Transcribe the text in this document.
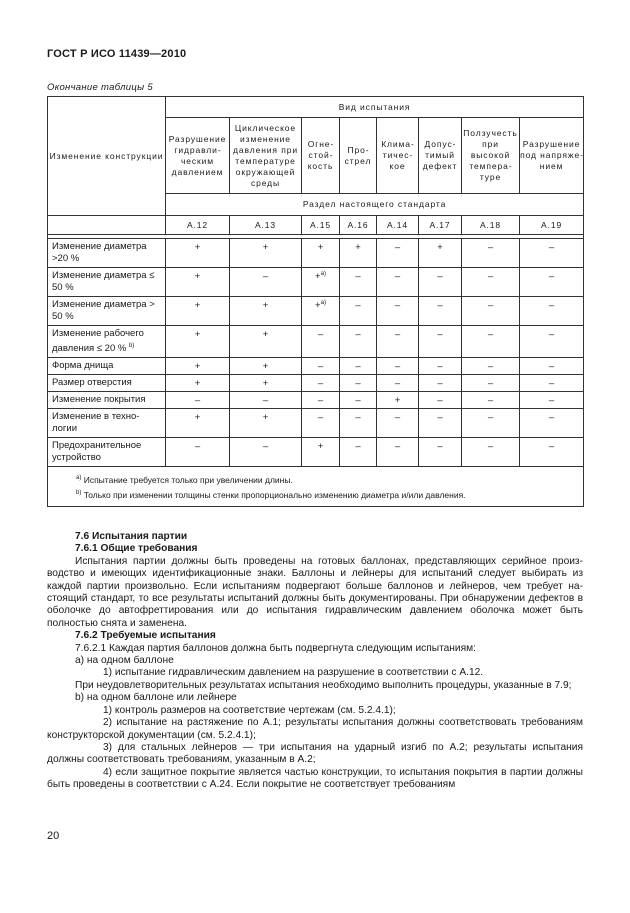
ГОСТ Р ИСО 11439—2010
Окончание таблицы 5
Изменение конструкции	Вид испытания							
	Разрушение гидравлическим давлением	Циклическое изменение давления при температуре окружающей среды	Огнестойкость	Прострел	Климатическое	Допустимый дефект	Ползучесть при высокой температуре	Разрушение под напряжением
	Раздел настоящего стандарта							
	A.12	A.13	A.15	A.16	A.14	A.17	A.18	A.19

Изменение диаметра >20 %	+	+	+	+	–	+	–	–
Изменение диаметра ≤ 50 %	+	–	+$^{a)}$	–	–	–	–	–
Изменение диаметра > 50 %	+	+	+$^{a)}$	–	–	–	–	–
Изменение рабочего давления ≤ 20 % $^{b)}$	+	+	–	–	–	–	–	–
Форма днища	+	+	–	–	–	–	–	–
Размер отверстия	+	+	–	–	–	–	–	–
Изменение покрытия	–	–	–	–	+	–	–	–
Изменение в технологии	+	+	–	–	–	–	–	–
Предохранительное устройство	–	–	+	–	–	–	–	–

$^{a)}$ Испытание требуется только при увеличении длины.
$^{b)}$ Только при изменении толщины стенки пропорционально изменению диаметра и/или давления.								
7.6 Испытания партии
7.6.1 Общие требования
Испытания партии должны быть проведены на готовых баллонах, представляющих серийное производство и имеющих идентификационные знаки. Баллоны и лейнеры для испытаний следует выбирать из каждой партии произвольно. Если испытаниям подвергают больше баллонов и лейнеров, чем требует настоящий стандарт, то все результаты испытаний должны быть документированы. При обнаружении дефектов в оболочке до автофреттирования или до испытания гидравлическим давлением оболочка может быть полностью снята и заменена.
7.6.2 Требуемые испытания
7.6.2.1 Каждая партия баллонов должна быть подвергнута следующим испытаниям:
а) на одном баллоне
1) испытание гидравлическим давлением на разрушение в соответствии с A.12.
При неудовлетворительных результатах испытания необходимо выполнить процедуры, указанные в 7.9;
b) на одном баллоне или лейнере
1) контроль размеров на соответствие чертежам (см. 5.2.4.1);
2) испытание на растяжение по A.1; результаты испытания должны соответствовать требованиям конструкторской документации (см. 5.2.4.1);
3) для стальных лейнеров — три испытания на ударный изгиб по A.2; результаты испытания должны соответствовать требованиям, указанным в A.2;
4) если защитное покрытие является частью конструкции, то испытания покрытия в партии должны быть проведены в соответствии с A.24. Если покрытие не соответствует требованиям
20
